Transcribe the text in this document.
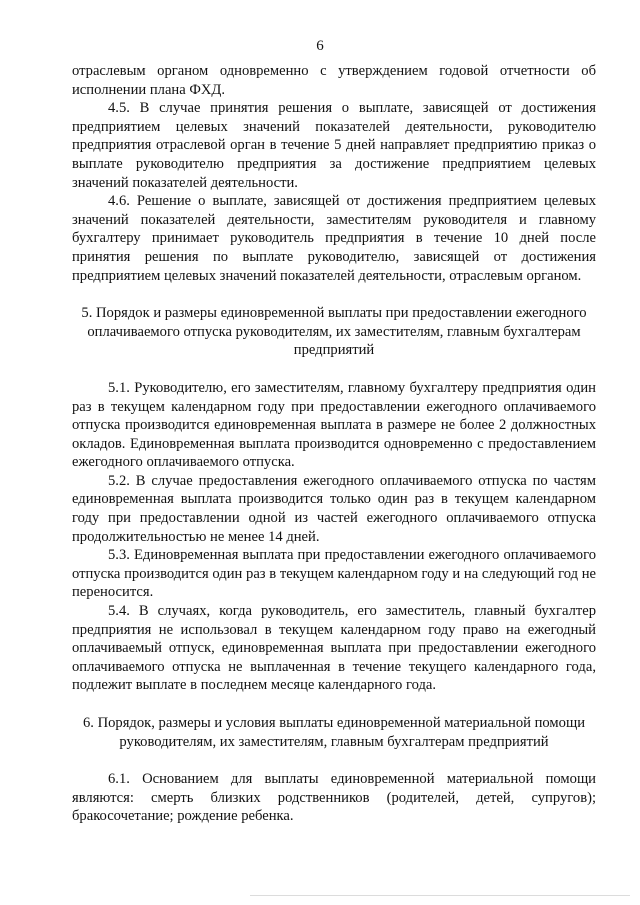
6

отраслевым органом одновременно с утверждением годовой отчетности об исполнении плана ФХД.

4.5. В случае принятия решения о выплате, зависящей от достижения предприятием целевых значений показателей деятельности, руководителю предприятия отраслевой орган в течение 5 дней направляет предприятию приказ о выплате руководителю предприятия за достижение предприятием целевых значений показателей деятельности.

4.6. Решение о выплате, зависящей от достижения предприятием целевых значений показателей деятельности, заместителям руководителя и главному бухгалтеру принимает руководитель предприятия в течение 10 дней после принятия решения по выплате руководителю, зависящей от достижения предприятием целевых значений показателей деятельности, отраслевым органом.

5. Порядок и размеры единовременной выплаты при предоставлении ежегодного оплачиваемого отпуска руководителям, их заместителям, главным бухгалтерам предприятий

5.1. Руководителю, его заместителям, главному бухгалтеру предприятия один раз в текущем календарном году при предоставлении ежегодного оплачиваемого отпуска производится единовременная выплата в размере не более 2 должностных окладов. Единовременная выплата производится одновременно с предоставлением ежегодного оплачиваемого отпуска.

5.2. В случае предоставления ежегодного оплачиваемого отпуска по частям единовременная выплата производится только один раз в текущем календарном году при предоставлении одной из частей ежегодного оплачиваемого отпуска продолжительностью не менее 14 дней.

5.3. Единовременная выплата при предоставлении ежегодного оплачиваемого отпуска производится один раз в текущем календарном году и на следующий год не переносится.

5.4. В случаях, когда руководитель, его заместитель, главный бухгалтер предприятия не использовал в текущем календарном году право на ежегодный оплачиваемый отпуск, единовременная выплата при предоставлении ежегодного оплачиваемого отпуска не выплаченная в течение текущего календарного года, подлежит выплате в последнем месяце календарного года.

6. Порядок, размеры и условия выплаты единовременной материальной помощи руководителям, их заместителям, главным бухгалтерам предприятий

6.1. Основанием для выплаты единовременной материальной помощи являются: смерть близких родственников (родителей, детей, супругов); бракосочетание; рождение ребенка.
